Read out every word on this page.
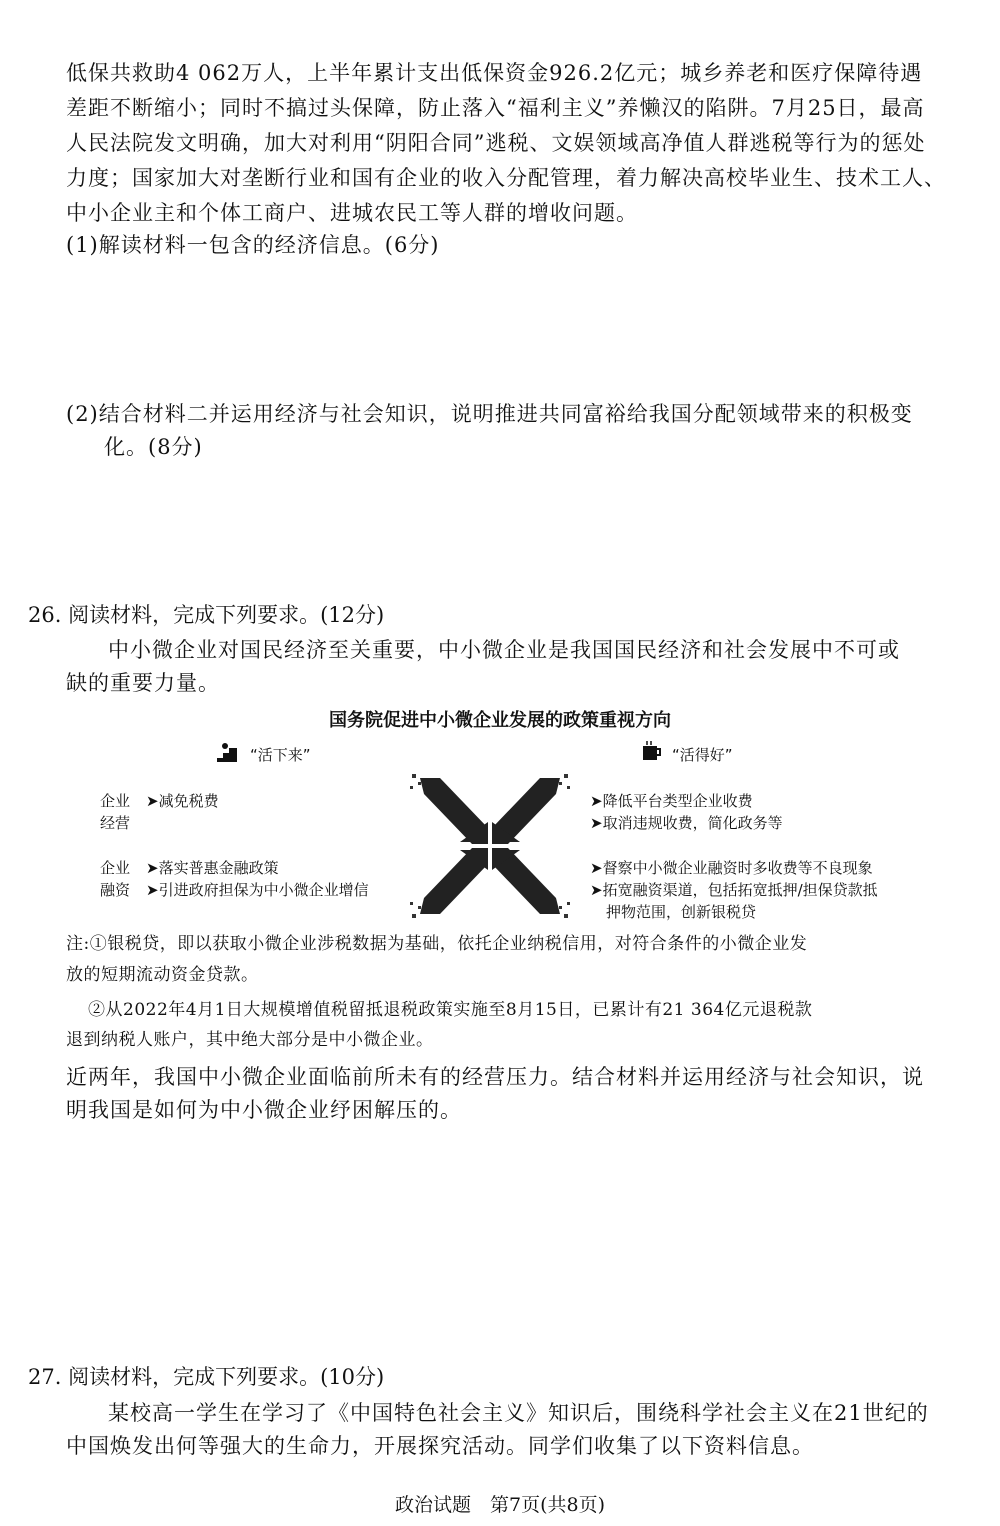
低保共救助4 062万人，上半年累计支出低保资金926.2亿元；城乡养老和医疗保障待遇
差距不断缩小；同时不搞过头保障，防止落入“福利主义”养懒汉的陷阱。7月25日，最高
人民法院发文明确，加大对利用“阴阳合同”逃税、文娱领域高净值人群逃税等行为的惩处
力度；国家加大对垄断行业和国有企业的收入分配管理，着力解决高校毕业生、技术工人、
中小企业主和个体工商户、进城农民工等人群的增收问题。
(1)解读材料一包含的经济信息。(6分)
(2)结合材料二并运用经济与社会知识，说明推进共同富裕给我国分配领域带来的积极变
化。(8分)
26. 阅读材料，完成下列要求。(12分)
中小微企业对国民经济至关重要，中小微企业是我国国民经济和社会发展中不可或
缺的重要力量。
国务院促进中小微企业发展的政策重视方向
“活下来”	“活得好”
企业经营
➤减免税费
企业融资
➤落实普惠金融政策
➤引进政府担保为中小微企业增信
➤降低平台类型企业收费
➤取消违规收费，简化政务等
➤督察中小微企业融资时多收费等不良现象
➤拓宽融资渠道，包括拓宽抵押/担保贷款抵
押物范围，创新银税贷
注:①银税贷，即以获取小微企业涉税数据为基础，依托企业纳税信用，对符合条件的小微企业发
放的短期流动资金贷款。
②从2022年4月1日大规模增值税留抵退税政策实施至8月15日，已累计有21 364亿元退税款
退到纳税人账户，其中绝大部分是中小微企业。
近两年，我国中小微企业面临前所未有的经营压力。结合材料并运用经济与社会知识，说
明我国是如何为中小微企业纾困解压的。
27. 阅读材料，完成下列要求。(10分)
某校高一学生在学习了《中国特色社会主义》知识后，围绕科学社会主义在21世纪的
中国焕发出何等强大的生命力，开展探究活动。同学们收集了以下资料信息。
政治试题　第7页(共8页)
